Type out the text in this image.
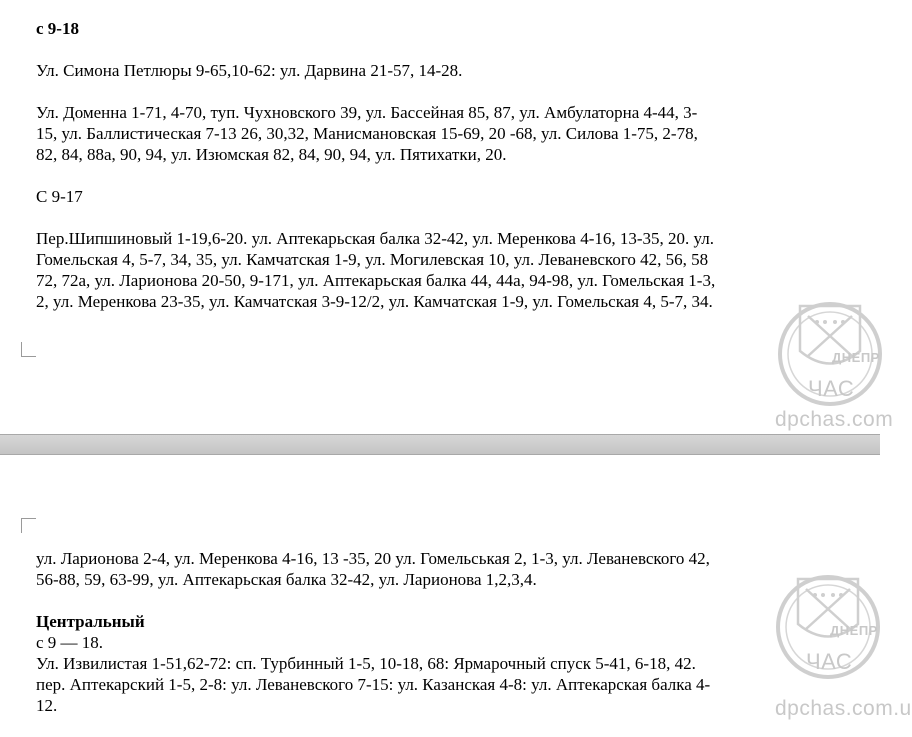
с 9-18
Ул. Симона Петлюры 9-65,10-62: ул. Дарвина 21-57, 14-28.
Ул. Доменна 1-71, 4-70, туп. Чухновского 39, ул. Бассейная 85, 87, ул. Амбулаторна 4-44, 3-
15, ул. Баллистическая 7-13 26, 30,32, Манисмановская 15-69, 20 -68, ул. Силова 1-75, 2-78,
82, 84, 88а, 90, 94, ул. Изюмская 82, 84, 90, 94, ул. Пятихатки, 20.
С 9-17
Пер.Шипшиновый 1-19,6-20. ул. Аптекарьская балка 32-42, ул. Меренкова 4-16, 13-35, 20. ул.
Гомельская 4, 5-7, 34, 35, ул. Камчатская 1-9, ул. Могилевская 10, ул. Леваневского 42, 56, 58
72, 72а, ул. Ларионова 20-50, 9-171, ул. Аптекарьская балка 44, 44а, 94-98, ул. Гомельская 1-3,
2, ул. Меренкова 23-35, ул. Камчатская 3-9-12/2, ул. Камчатская 1-9, ул. Гомельская 4, 5-7, 34.
ДНЕПР
ЧАС
dpchas.com
ул. Ларионова 2-4, ул. Меренкова 4-16, 13 -35, 20 ул. Гомельськая 2, 1-3, ул. Леваневского 42,
56-88, 59, 63-99, ул. Аптекарьская балка 32-42, ул. Ларионова 1,2,3,4.
Центральный
с 9 — 18.
Ул. Извилистая 1-51,62-72: сп. Турбинный 1-5, 10-18, 68: Ярмарочный спуск 5-41, 6-18, 42.
пер. Аптекарский 1-5, 2-8: ул. Леваневского 7-15: ул. Казанская 4-8: ул. Аптекарская балка 4-
12.
ДНЕПР
ЧАС
dpchas.com.u
